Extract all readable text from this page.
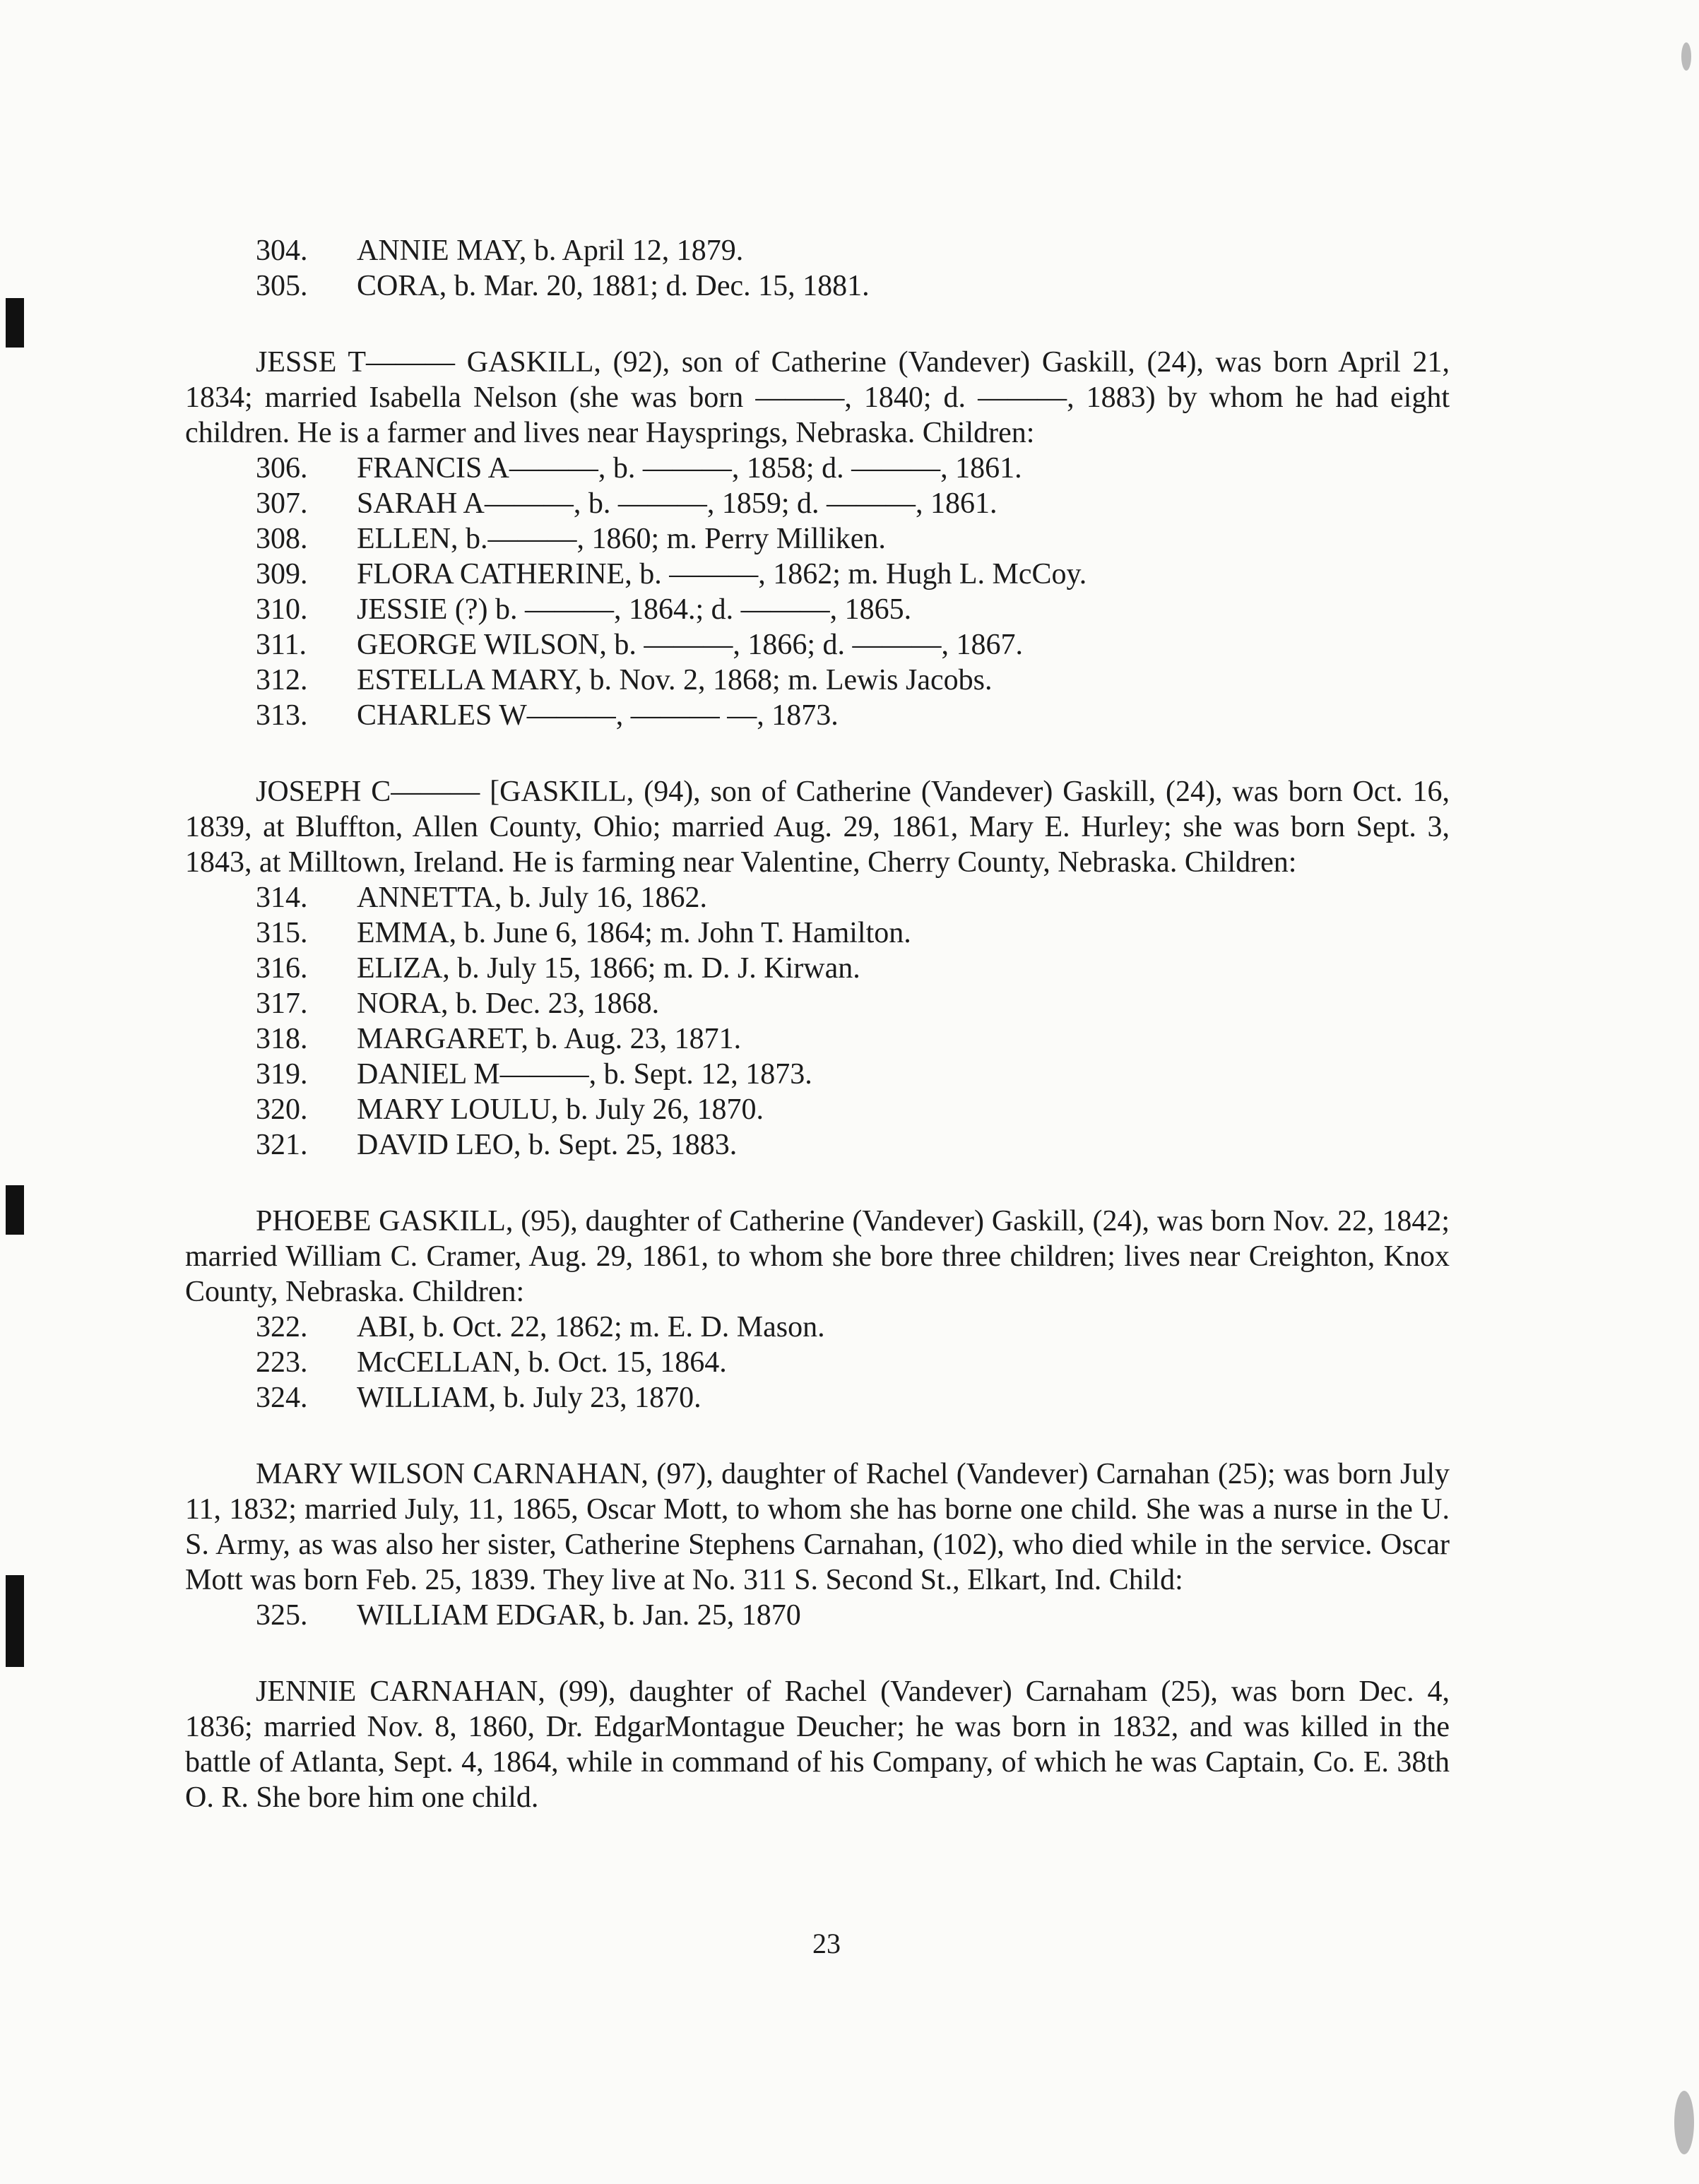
304.	ANNIE MAY, b. April 12, 1879.
305.	CORA, b. Mar. 20, 1881; d. Dec. 15, 1881.

JESSE T——— GASKILL, (92), son of Catherine (Vandever) Gaskill, (24), was born April 21, 1834; married Isabella Nelson (she was born ———, 1840; d. ———, 1883) by whom he had eight children. He is a farmer and lives near Haysprings, Nebraska. Children:

306.	FRANCIS A———, b. ———, 1858; d. ———, 1861.
307.	SARAH A———, b. ———, 1859; d. ———, 1861.
308.	ELLEN, b.———, 1860; m. Perry Milliken.
309.	FLORA CATHERINE, b. ———, 1862; m. Hugh L. McCoy.
310.	JESSIE (?) b. ———, 1864.; d. ———, 1865.
311.	GEORGE WILSON, b. ———, 1866; d. ———, 1867.
312.	ESTELLA MARY, b. Nov. 2, 1868; m. Lewis Jacobs.
313.	CHARLES W———, ——— —, 1873.

JOSEPH C——— [GASKILL, (94), son of Catherine (Vandever) Gaskill, (24), was born Oct. 16, 1839, at Bluffton, Allen County, Ohio; married Aug. 29, 1861, Mary E. Hurley; she was born Sept. 3, 1843, at Milltown, Ireland. He is farming near Valentine, Cherry County, Nebraska. Children:

314.	ANNETTA, b. July 16, 1862.
315.	EMMA, b. June 6, 1864; m. John T. Hamilton.
316.	ELIZA, b. July 15, 1866; m. D. J. Kirwan.
317.	NORA, b. Dec. 23, 1868.
318.	MARGARET, b. Aug. 23, 1871.
319.	DANIEL M———, b. Sept. 12, 1873.
320.	MARY LOULU, b. July 26, 1870.
321.	DAVID LEO, b. Sept. 25, 1883.

PHOEBE GASKILL, (95), daughter of Catherine (Vandever) Gaskill, (24), was born Nov. 22, 1842; married William C. Cramer, Aug. 29, 1861, to whom she bore three children; lives near Creighton, Knox County, Nebraska. Children:

322.	ABI, b. Oct. 22, 1862; m. E. D. Mason.
223.	McCELLAN, b. Oct. 15, 1864.
324.	WILLIAM, b. July 23, 1870.

MARY WILSON CARNAHAN, (97), daughter of Rachel (Vandever) Carnahan (25); was born July 11, 1832; married July, 11, 1865, Oscar Mott, to whom she has borne one child. She was a nurse in the U. S. Army, as was also her sister, Catherine Stephens Carnahan, (102), who died while in the service. Oscar Mott was born Feb. 25, 1839. They live at No. 311 S. Second St., Elkart, Ind. Child:

325.	WILLIAM EDGAR, b. Jan. 25, 1870

JENNIE CARNAHAN, (99), daughter of Rachel (Vandever) Carnaham (25), was born Dec. 4, 1836; married Nov. 8, 1860, Dr. EdgarMontague Deucher; he was born in 1832, and was killed in the battle of Atlanta, Sept. 4, 1864, while in command of his Company, of which he was Captain, Co. E. 38th O. R. She bore him one child.

23
